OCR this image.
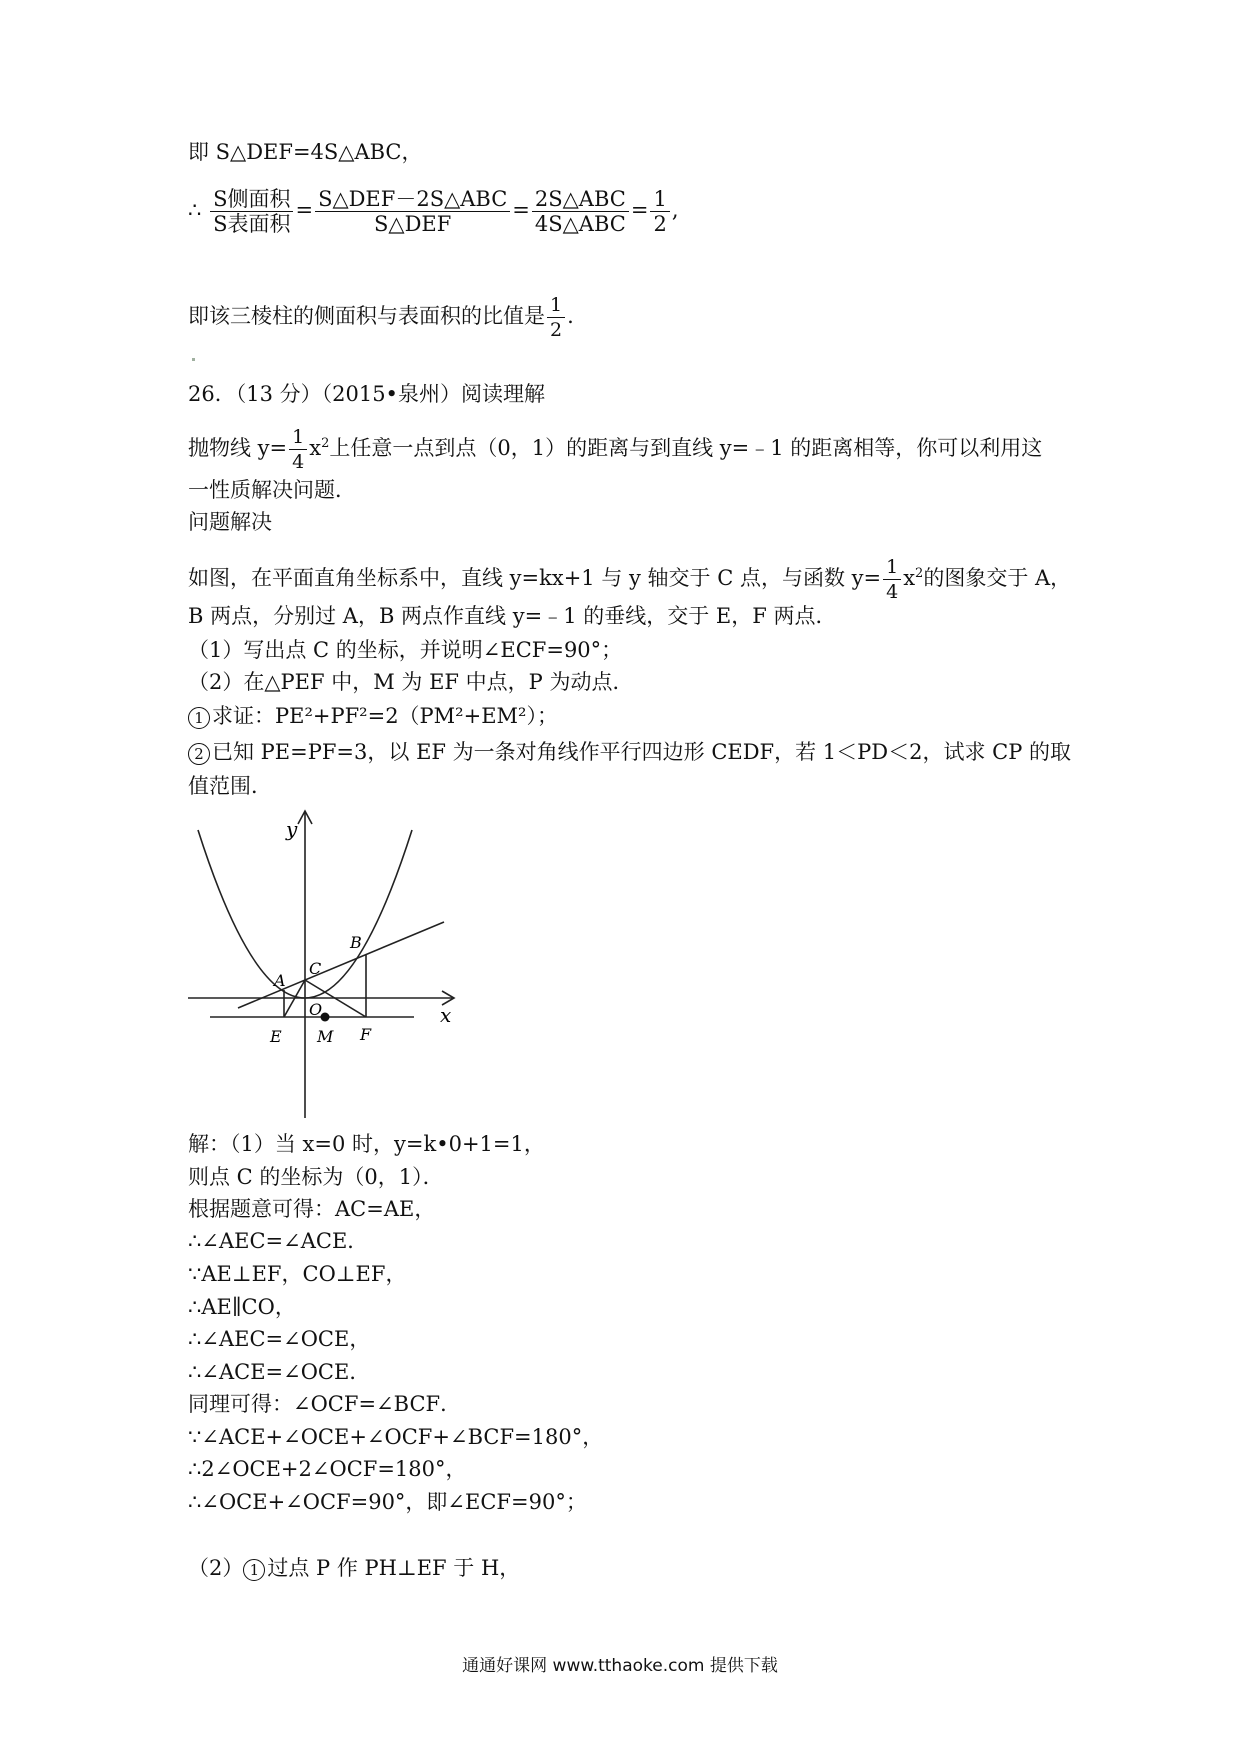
即 S△DEF=4S△ABC，
∴ $\frac{\text{S侧面积}}{\text{S表面积}} = \frac{\text{S△DEF－2S△ABC}}{\text{S△DEF}} = \frac{\text{2S△ABC}}{\text{4S△ABC}} = \frac{1}{2}$ ,
即该三棱柱的侧面积与表面积的比值是 $\frac{1}{2}$ .
26．（13 分）（2015•泉州）阅读理解
抛物线 $y= \frac{1}{4} x^2$上任意一点到点（0，1）的距离与到直线 y=﹣1 的距离相等，你可以利用这
一性质解决问题．
问题解决
如图，在平面直角坐标系中，直线 y=kx+1 与 y 轴交于 C 点，与函数 $y= \frac{1}{4} x^2$的图象交于 A，
B 两点，分别过 A，B 两点作直线 y=﹣1 的垂线，交于 E，F 两点．
（1）写出点 C 的坐标，并说明∠ECF=90°；
（2）在△PEF 中，M 为 EF 中点，P 为动点．
1 求证：PE²+PF²=2（PM²+EM²）；
2 已知 PE=PF=3，以 EF 为一条对角线作平行四边形 CEDF，若 1＜PD＜2，试求 CP 的取
值范围．
y
x
A
B
C
O
E M F
解：（1）当 x=0 时，y=k•0+1=1，
则点 C 的坐标为（0，1）．
根据题意可得：AC=AE，
∴∠AEC=∠ACE．
∵AE⊥EF，CO⊥EF，
∴AE∥CO，
∴∠AEC=∠OCE，
∴∠ACE=∠OCE．
同理可得：∠OCF=∠BCF．
∵∠ACE+∠OCE+∠OCF+∠BCF=180°，
∴2∠OCE+2∠OCF=180°，
∴∠OCE+∠OCF=90°，即∠ECF=90°；
（2） 1 过点 P 作 PH⊥EF 于 H，
通通好课网 www.tthaoke.com 提供下载
